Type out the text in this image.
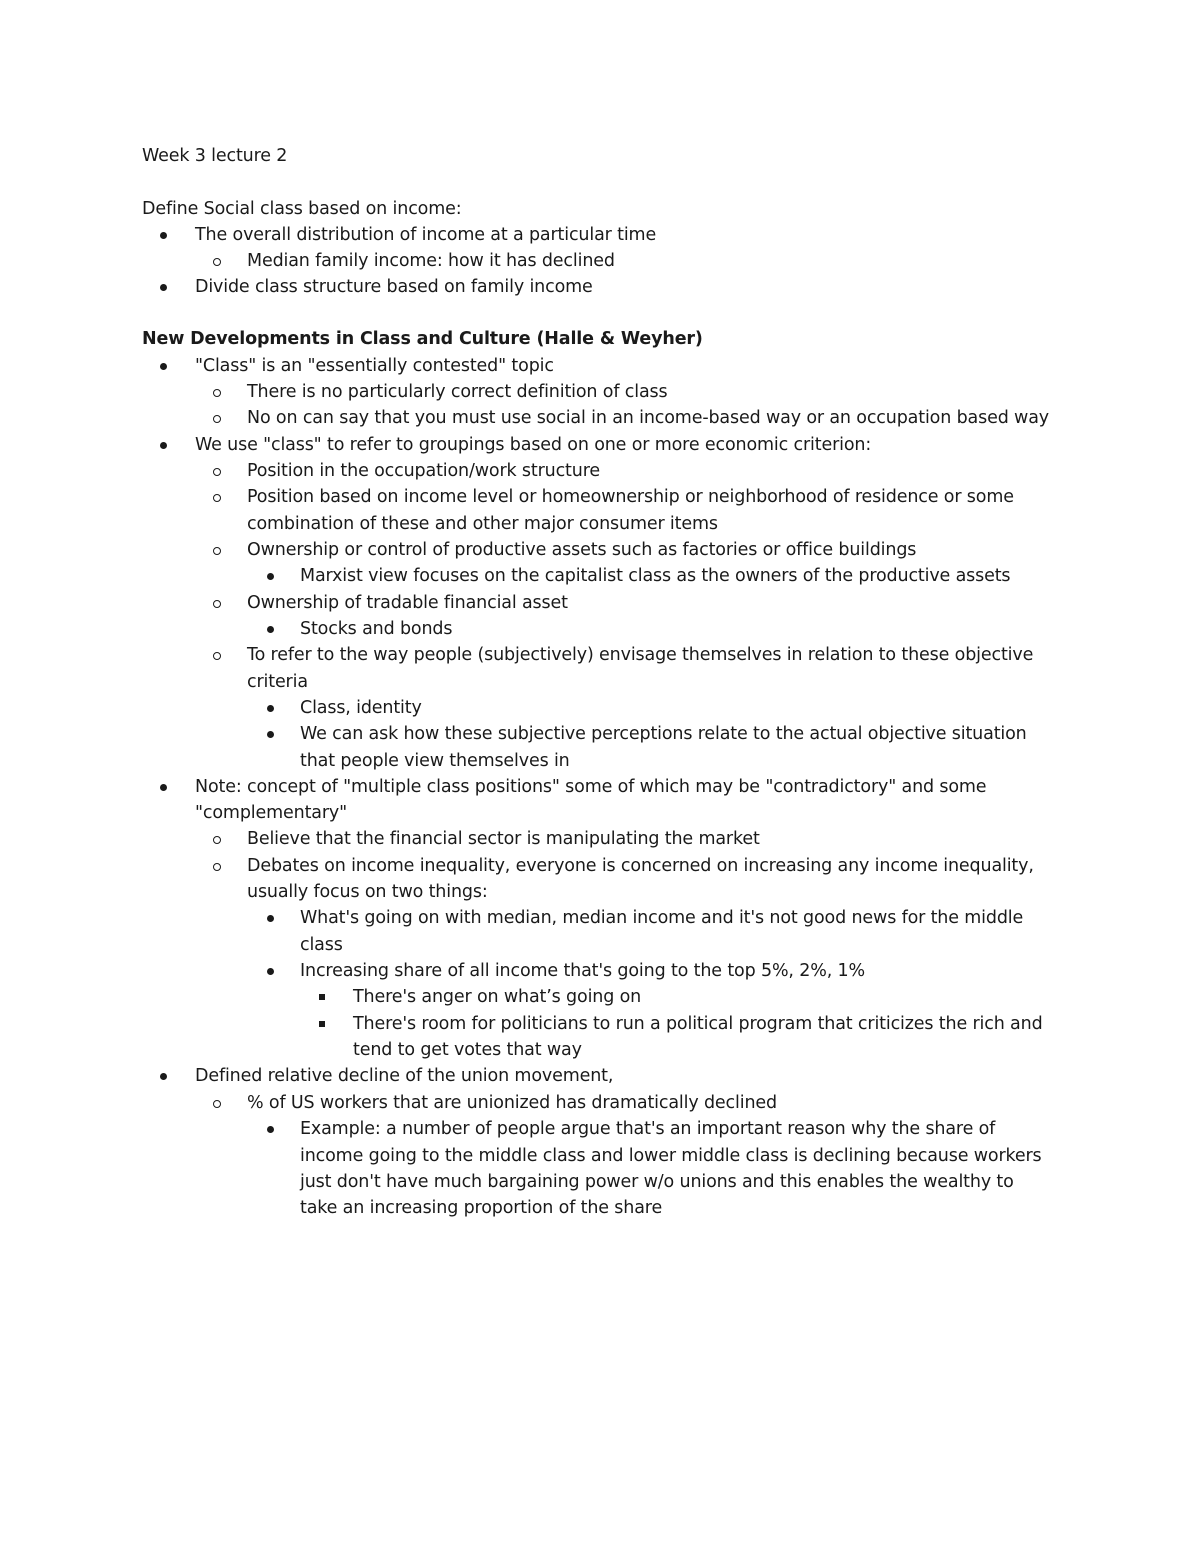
Week 3 lecture 2
Define Social class based on income:
New Developments in Class and Culture (Halle & Weyher)
The overall distribution of income at a particular time
Median family income: how it has declined
Divide class structure based on family income
"Class" is an "essentially contested" topic
There is no particularly correct definition of class
No on can say that you must use social in an income-based way or an occupation based way
We use "class" to refer to groupings based on one or more economic criterion:
Position in the occupation/work structure
Position based on income level or homeownership or neighborhood of residence or some
combination of these and other major consumer items
Ownership or control of productive assets such as factories or office buildings
Marxist view focuses on the capitalist class as the owners of the productive assets
Ownership of tradable financial asset
Stocks and bonds
To refer to the way people (subjectively) envisage themselves in relation to these objective
criteria
Class, identity
We can ask how these subjective perceptions relate to the actual objective situation
that people view themselves in
Note: concept of "multiple class positions" some of which may be "contradictory" and some
"complementary"
Believe that the financial sector is manipulating the market
Debates on income inequality, everyone is concerned on increasing any income inequality,
usually focus on two things:
What's going on with median, median income and it's not good news for the middle
class
Increasing share of all income that's going to the top 5%, 2%, 1%
There's anger on what’s going on
There's room for politicians to run a political program that criticizes the rich and
tend to get votes that way
Defined relative decline of the union movement,
% of US workers that are unionized has dramatically declined
Example: a number of people argue that's an important reason why the share of
income going to the middle class and lower middle class is declining because workers
just don't have much bargaining power w/o unions and this enables the wealthy to
take an increasing proportion of the share
